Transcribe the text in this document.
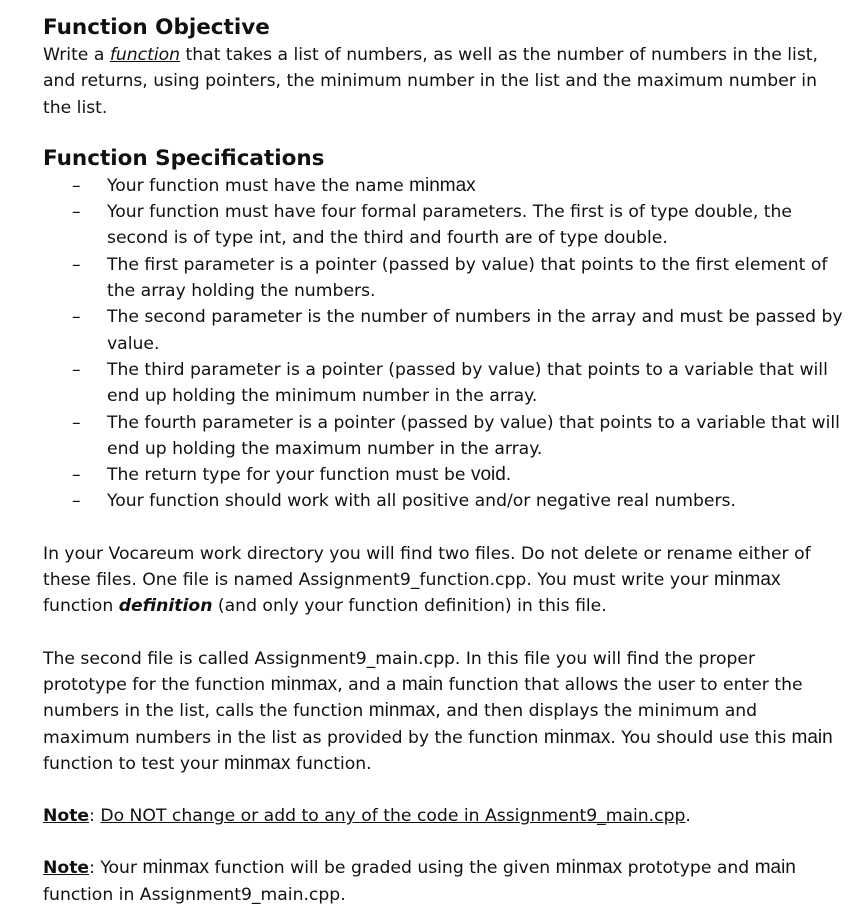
Function Objective

Write a function that takes a list of numbers, as well as the number of numbers in the list, and returns, using pointers, the minimum number in the list and the maximum number in the list.

Function Specifications
– Your function must have the name minmax
– Your function must have four formal parameters. The first is of type double, the second is of type int, and the third and fourth are of type double.
– The first parameter is a pointer (passed by value) that points to the first element of the array holding the numbers.
– The second parameter is the number of numbers in the array and must be passed by value.
– The third parameter is a pointer (passed by value) that points to a variable that will end up holding the minimum number in the array.
– The fourth parameter is a pointer (passed by value) that points to a variable that will end up holding the maximum number in the array.
– The return type for your function must be void.
– Your function should work with all positive and/or negative real numbers.

In your Vocareum work directory you will find two files. Do not delete or rename either of these files. One file is named Assignment9_function.cpp. You must write your minmax function definition (and only your function definition) in this file.

The second file is called Assignment9_main.cpp. In this file you will find the proper prototype for the function minmax, and a main function that allows the user to enter the numbers in the list, calls the function minmax, and then displays the minimum and maximum numbers in the list as provided by the function minmax. You should use this main function to test your minmax function.

Note: Do NOT change or add to any of the code in Assignment9_main.cpp.

Note: Your minmax function will be graded using the given minmax prototype and main function in Assignment9_main.cpp.
